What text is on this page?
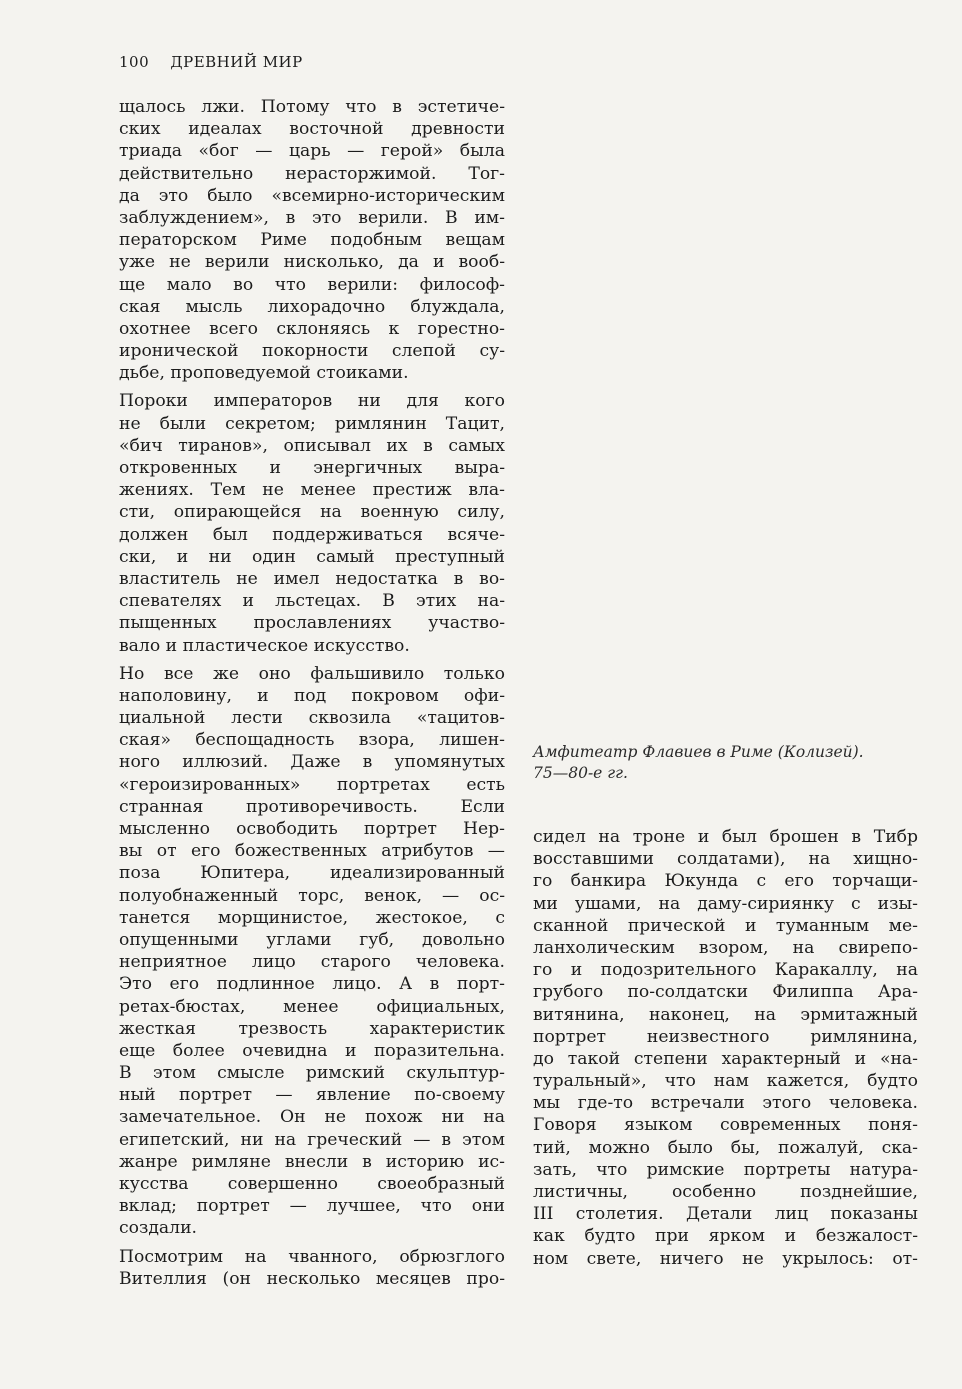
100 ДРЕВНИЙ МИР
щалось лжи. Потому что в эстетиче-
ских идеалах восточной древности
триада «бог — царь — герой» была
действительно нерасторжимой. Тог-
да это было «всемирно-историческим
заблуждением», в это верили. В им-
ператорском Риме подобным вещам
уже не верили нисколько, да и вооб-
ще мало во что верили: философ-
ская мысль лихорадочно блуждала,
охотнее всего склоняясь к горестно-
иронической покорности слепой су-
дьбе, проповедуемой стоиками.
Пороки императоров ни для кого
не были секретом; римлянин Тацит,
«бич тиранов», описывал их в самых
откровенных и энергичных выра-
жениях. Тем не менее престиж вла-
сти, опирающейся на военную силу,
должен был поддерживаться всяче-
ски, и ни один самый преступный
властитель не имел недостатка в во-
спевателях и льстецах. В этих на-
пыщенных прославлениях участво-
вало и пластическое искусство.
Но все же оно фальшивило только
наполовину, и под покровом офи-
циальной лести сквозила «тацитов-
ская» беспощадность взора, лишен-
ного иллюзий. Даже в упомянутых
«героизированных» портретах есть
странная противоречивость. Если
мысленно освободить портрет Нер-
вы от его божественных атрибутов —
поза Юпитера, идеализированный
полуобнаженный торс, венок, — ос-
танется морщинистое, жестокое, с
опущенными углами губ, довольно
неприятное лицо старого человека.
Это его подлинное лицо. А в порт-
ретах-бюстах, менее официальных,
жесткая трезвость характеристик
еще более очевидна и поразительна.
В этом смысле римский скульптур-
ный портрет — явление по-своему
замечательное. Он не похож ни на
египетский, ни на греческий — в этом
жанре римляне внесли в историю ис-
кусства совершенно своеобразный
вклад; портрет — лучшее, что они
создали.
Посмотрим на чванного, обрюзглого
Вителлия (он несколько месяцев про-
Амфитеатр Флавиев в Риме (Колизей).
75—80-е гг.
сидел на троне и был брошен в Тибр
восставшими солдатами), на хищно-
го банкира Юкунда с его торчащи-
ми ушами, на даму-сириянку с изы-
сканной прической и туманным ме-
ланхолическим взором, на свирепо-
го и подозрительного Каракаллу, на
грубого по-солдатски Филиппа Ара-
витянина, наконец, на эрмитажный
портрет неизвестного римлянина,
до такой степени характерный и «на-
туральный», что нам кажется, будто
мы где-то встречали этого человека.
Говоря языком современных поня-
тий, можно было бы, пожалуй, ска-
зать, что римские портреты натура-
листичны, особенно позднейшие,
III столетия. Детали лиц показаны
как будто при ярком и безжалост-
ном свете, ничего не укрылось: от-
